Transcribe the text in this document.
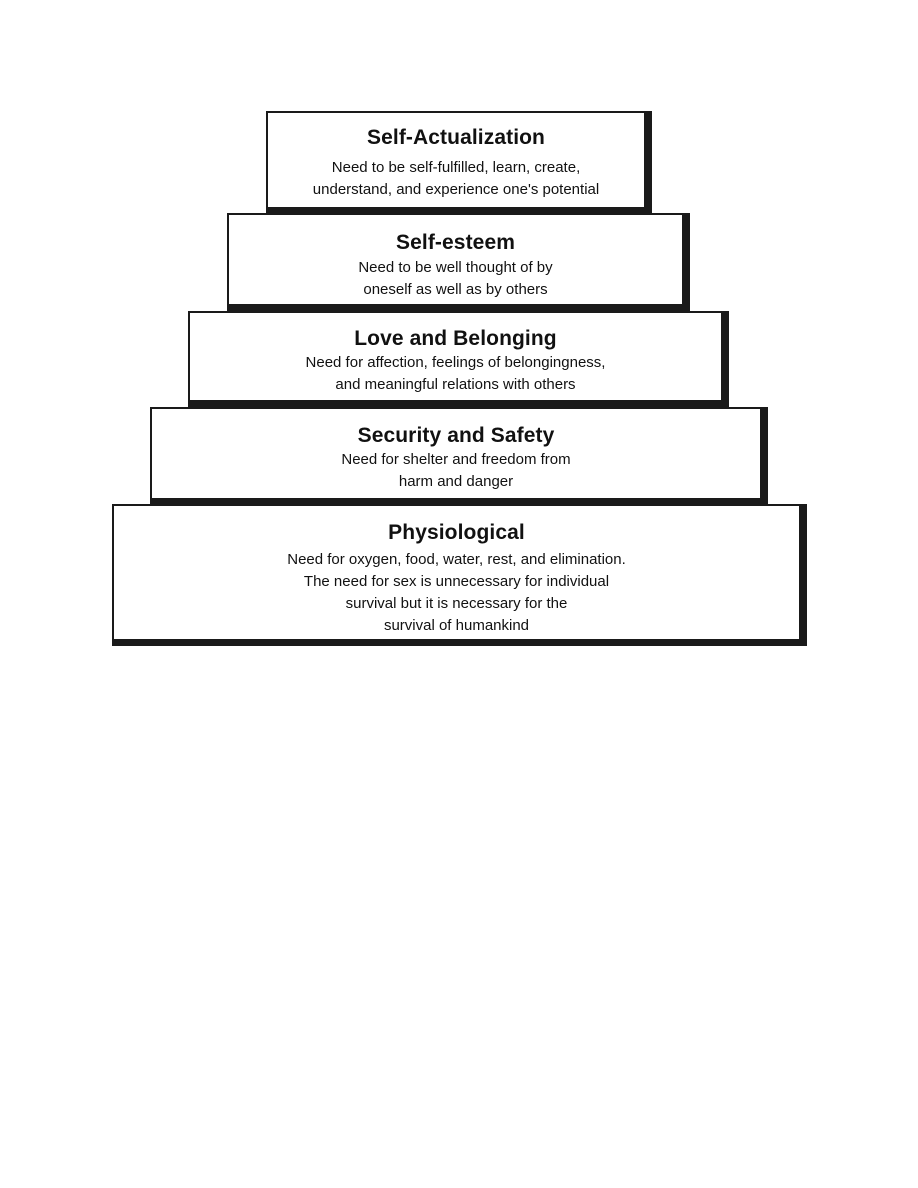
Self-Actualization
Need to be self-fulfilled, learn, create,
understand, and experience one's potential
Self-esteem
Need to be well thought of by
oneself as well as by others
Love and Belonging
Need for affection, feelings of belongingness,
and meaningful relations with others
Security and Safety
Need for shelter and freedom from
harm and danger
Physiological
Need for oxygen, food, water, rest, and elimination.
The need for sex is unnecessary for individual
survival but it is necessary for the
survival of humankind
